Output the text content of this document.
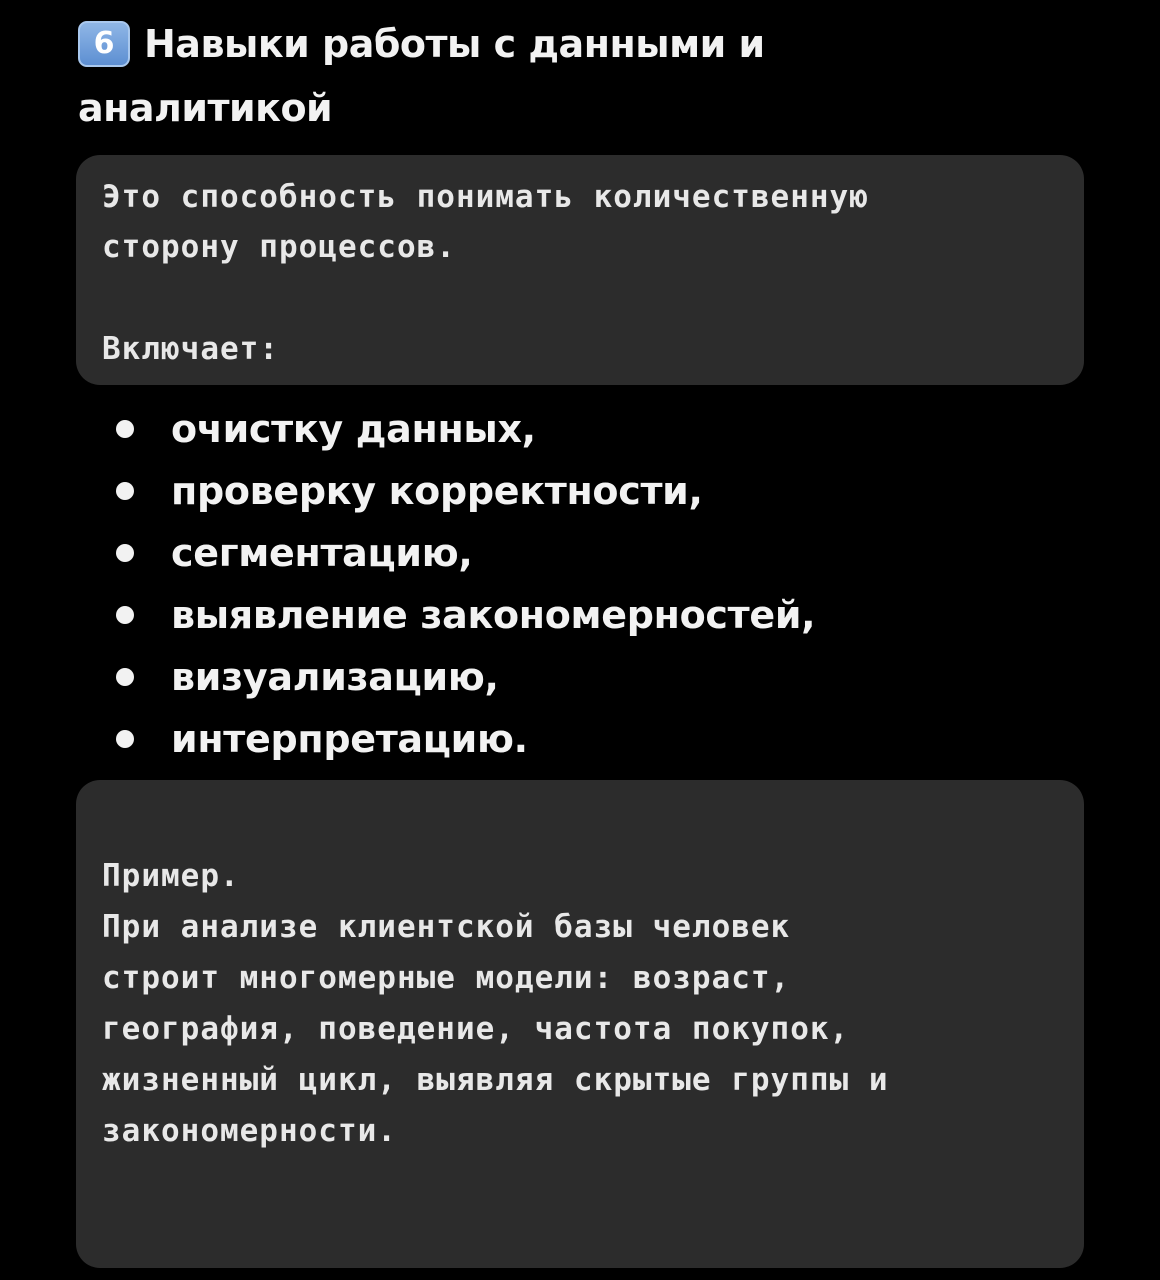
6 Навыки работы с данными и
аналитикой

Это способность понимать количественную

сторону процессов.

Включает:

очистку данных,
проверку корректности,
сегментацию,
выявление закономерностей,
визуализацию,
интерпретацию.

Пример.

При анализе клиентской базы человек

строит многомерные модели: возраст,

география, поведение, частота покупок,

жизненный цикл, выявляя скрытые группы и

закономерности.
